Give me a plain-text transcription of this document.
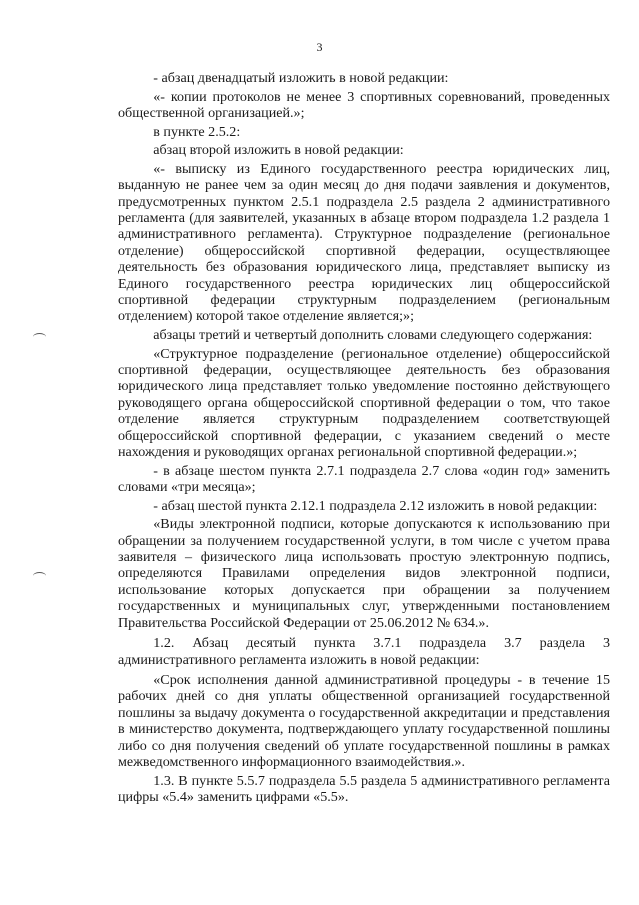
3

- абзац двенадцатый изложить в новой редакции:

«- копии протоколов не менее 3 спортивных соревнований, проведенных общественной организацией.»;

в пункте 2.5.2:

абзац второй изложить в новой редакции:

«- выписку из Единого государственного реестра юридических лиц, выданную не ранее чем за один месяц до дня подачи заявления и документов, предусмотренных пунктом 2.5.1 подраздела 2.5 раздела 2 административного регламента (для заявителей, указанных в абзаце втором подраздела 1.2 раздела 1 административного регламента). Структурное подразделение (региональное отделение) общероссийской спортивной федерации, осуществляющее деятельность без образования юридического лица, представляет выписку из Единого государственного реестра юридических лиц общероссийской спортивной федерации структурным подразделением (региональным отделением) которой такое отделение является;»;

абзацы третий и четвертый дополнить словами следующего содержания:

«Структурное подразделение (региональное отделение) общероссийской спортивной федерации, осуществляющее деятельность без образования юридического лица представляет только уведомление постоянно действующего руководящего органа общероссийской спортивной федерации о том, что такое отделение является структурным подразделением соответствующей общероссийской спортивной федерации, с указанием сведений о месте нахождения и руководящих органах региональной спортивной федерации.»;

- в абзаце шестом пункта 2.7.1 подраздела 2.7 слова «один год» заменить словами «три месяца»;

- абзац шестой пункта 2.12.1 подраздела 2.12 изложить в новой редакции:

«Виды электронной подписи, которые допускаются к использованию при обращении за получением государственной услуги, в том числе с учетом права заявителя – физического лица использовать простую электронную подпись, определяются Правилами определения видов электронной подписи, использование которых допускается при обращении за получением государственных и муниципальных слуг, утвержденными постановлением Правительства Российской Федерации от 25.06.2012 № 634.».

1.2. Абзац десятый пункта 3.7.1 подраздела 3.7 раздела 3 административного регламента изложить в новой редакции:

«Срок исполнения данной административной процедуры - в течение 15 рабочих дней со дня уплаты общественной организацией государственной пошлины за выдачу документа о государственной аккредитации и представления в министерство документа, подтверждающего уплату государственной пошлины либо со дня получения сведений об уплате государственной пошлины в рамках межведомственного информационного взаимодействия.».

1.3. В пункте 5.5.7 подраздела 5.5 раздела 5 административного регламента цифры «5.4» заменить цифрами «5.5».
